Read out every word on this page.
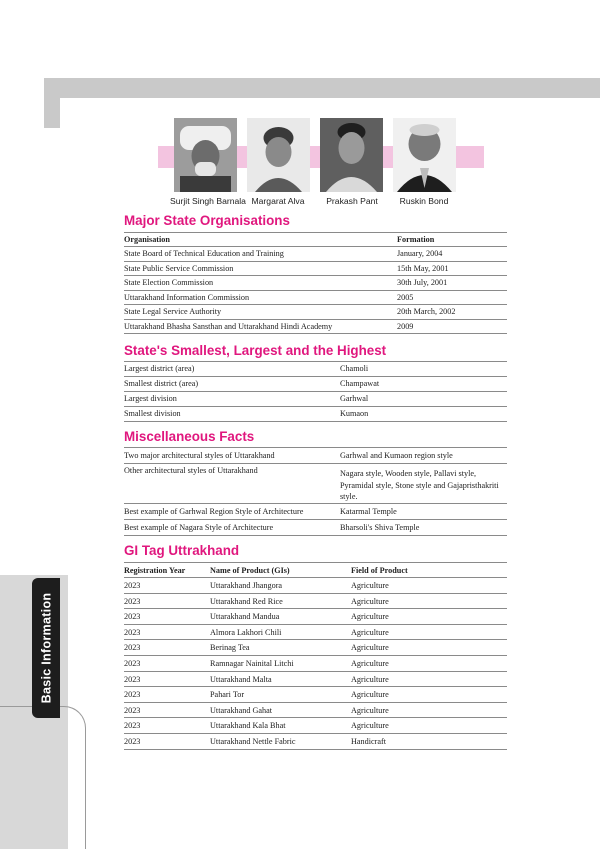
Basic Information
Surjit Singh Barnala Margarat Alva	Prakash Pant	Ruskin Bond
Major State Organisations
Organisation	Formation
State Board of Technical Education and Training	January, 2004
State Public Service Commission	15th May, 2001
State Election Commission	30th July, 2001
Uttarakhand Information Commission	2005
State Legal Service Authority	20th March, 2002
Uttarakhand Bhasha Sansthan and Uttarakhand Hindi Academy	2009
State's Smallest, Largest and the Highest
Largest district (area)	Chamoli
Smallest district (area)	Champawat
Largest division	Garhwal
Smallest division	Kumaon
Miscellaneous Facts
Two major architectural styles of Uttarakhand	Garhwal and Kumaon region style
Other architectural styles of Uttarakhand	Nagara style, Wooden style, Pallavi style, Pyramidal style, Stone style and Gajapristhakriti style.
Best example of Garhwal Region Style of Architecture	Katarmal Temple
Best example of Nagara Style of Architecture	Bharsoli's Shiva Temple
GI Tag Uttrakhand
Registration Year	Name of Product (GIs)	Field of Product
2023	Uttarakhand Jhangora	Agriculture
2023	Uttarakhand Red Rice	Agriculture
2023	Uttarakhand Mandua	Agriculture
2023	Almora Lakhori Chili	Agriculture
2023	Berinag Tea	Agriculture
2023	Ramnagar Nainital Litchi	Agriculture
2023	Uttarakhand Malta	Agriculture
2023	Pahari Tor	Agriculture
2023	Uttarakhand Gahat	Agriculture
2023	Uttarakhand Kala Bhat	Agriculture
2023	Uttarakhand Nettle Fabric	Handicraft
